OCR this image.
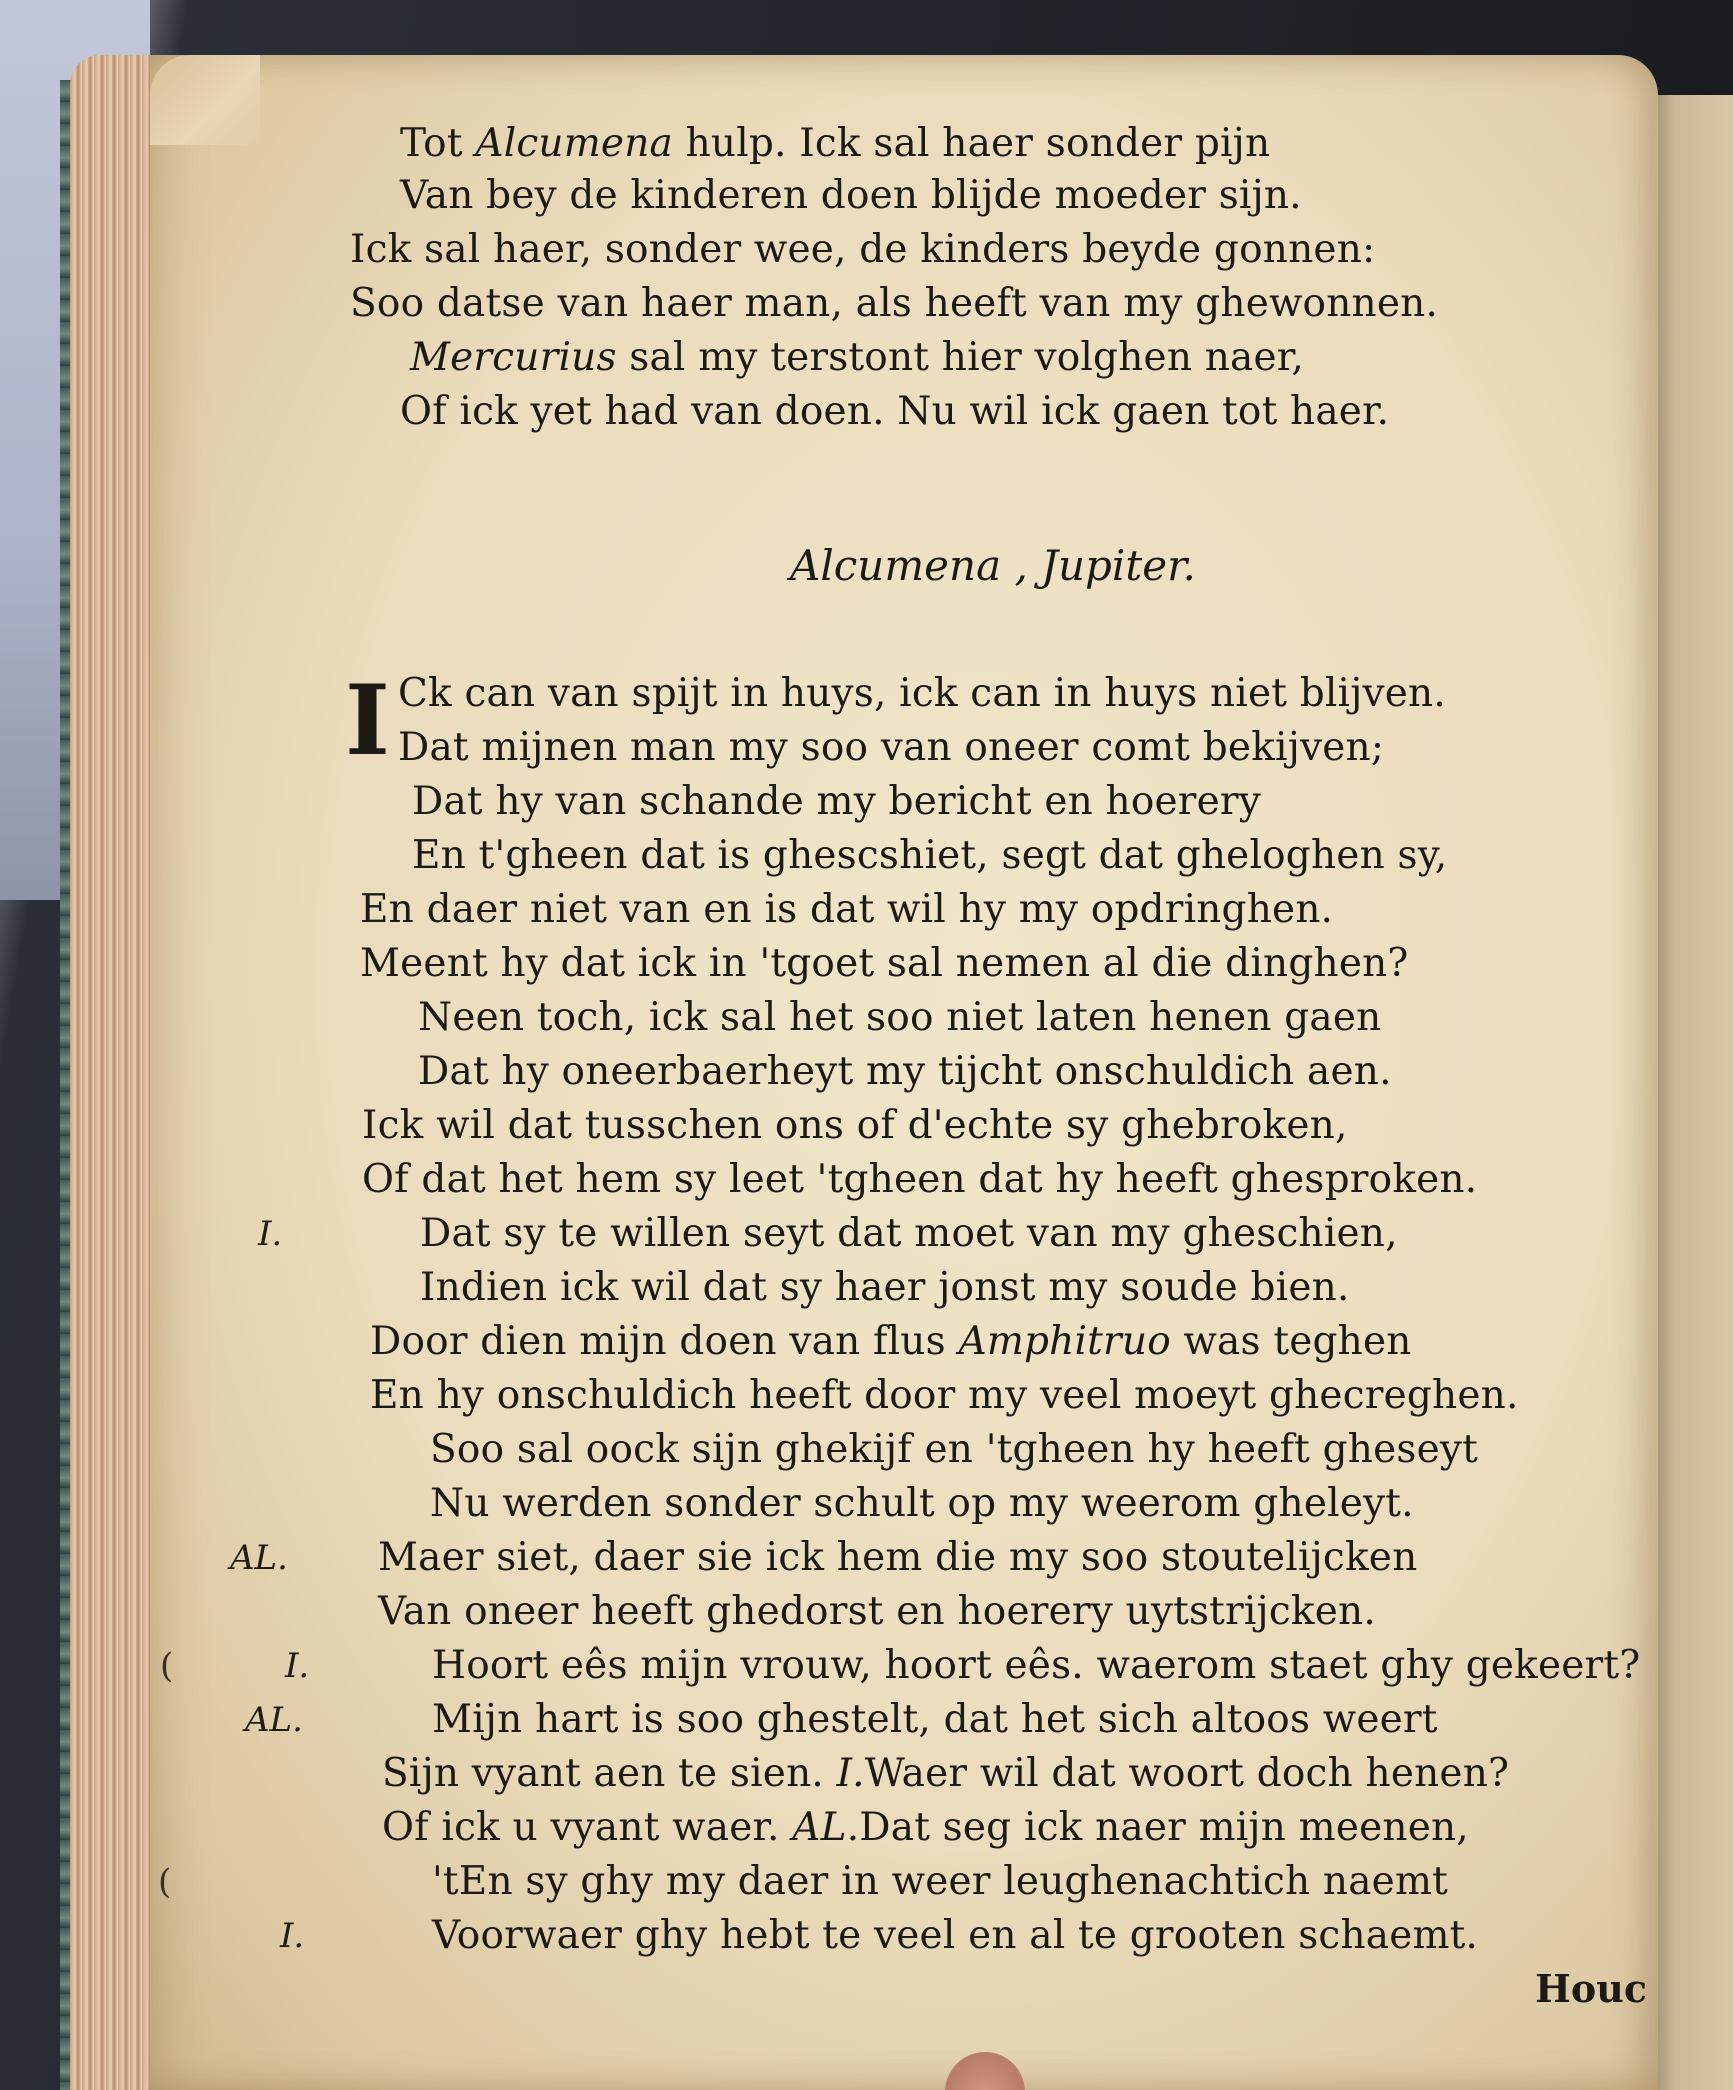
Tot Alcumena hulp. Ick sal haer sonder pijn
Van bey de kinderen doen blijde moeder sijn.
Ick sal haer, sonder wee, de kinders beyde gonnen:
Soo datse van haer man, als heeft van my ghewonnen.
Mercurius sal my terstont hier volghen naer,
Of ick yet had van doen. Nu wil ick gaen tot haer.
Alcumena , Jupiter.
I Ck can van spijt in huys, ick can in huys niet blijven.
Dat mijnen man my soo van oneer comt bekijven;
Dat hy van schande my bericht en hoerery
En t'gheen dat is ghescshiet, segt dat gheloghen sy,
En daer niet van en is dat wil hy my opdringhen.
Meent hy dat ick in 'tgoet sal nemen al die dinghen?
Neen toch, ick sal het soo niet laten henen gaen
Dat hy oneerbaerheyt my tijcht onschuldich aen.
Ick wil dat tusschen ons of d'echte sy ghebroken,
Of dat het hem sy leet 'tgheen dat hy heeft ghesproken.
I.	Dat sy te willen seyt dat moet van my gheschien,
Indien ick wil dat sy haer jonst my soude bien.
Door dien mijn doen van flus Amphitruo was teghen
En hy onschuldich heeft door my veel moeyt ghecreghen.
Soo sal oock sijn ghekijf en 'tgheen hy heeft gheseyt
Nu werden sonder schult op my weerom gheleyt.
AL. Maer siet, daer sie ick hem die my soo stoutelijcken
Van oneer heeft ghedorst en hoerery uytstrijcken.
(	I.	Hoort eês mijn vrouw, hoort eês. waerom staet ghy gekeert?
AL.	Mijn hart is soo ghestelt, dat het sich altoos weert
Sijn vyant aen te sien. I.Waer wil dat woort doch henen?
Of ick u vyant waer. AL.Dat seg ick naer mijn meenen,
(	'tEn sy ghy my daer in weer leughenachtich naemt
I.	Voorwaer ghy hebt te veel en al te grooten schaemt.
Houc
